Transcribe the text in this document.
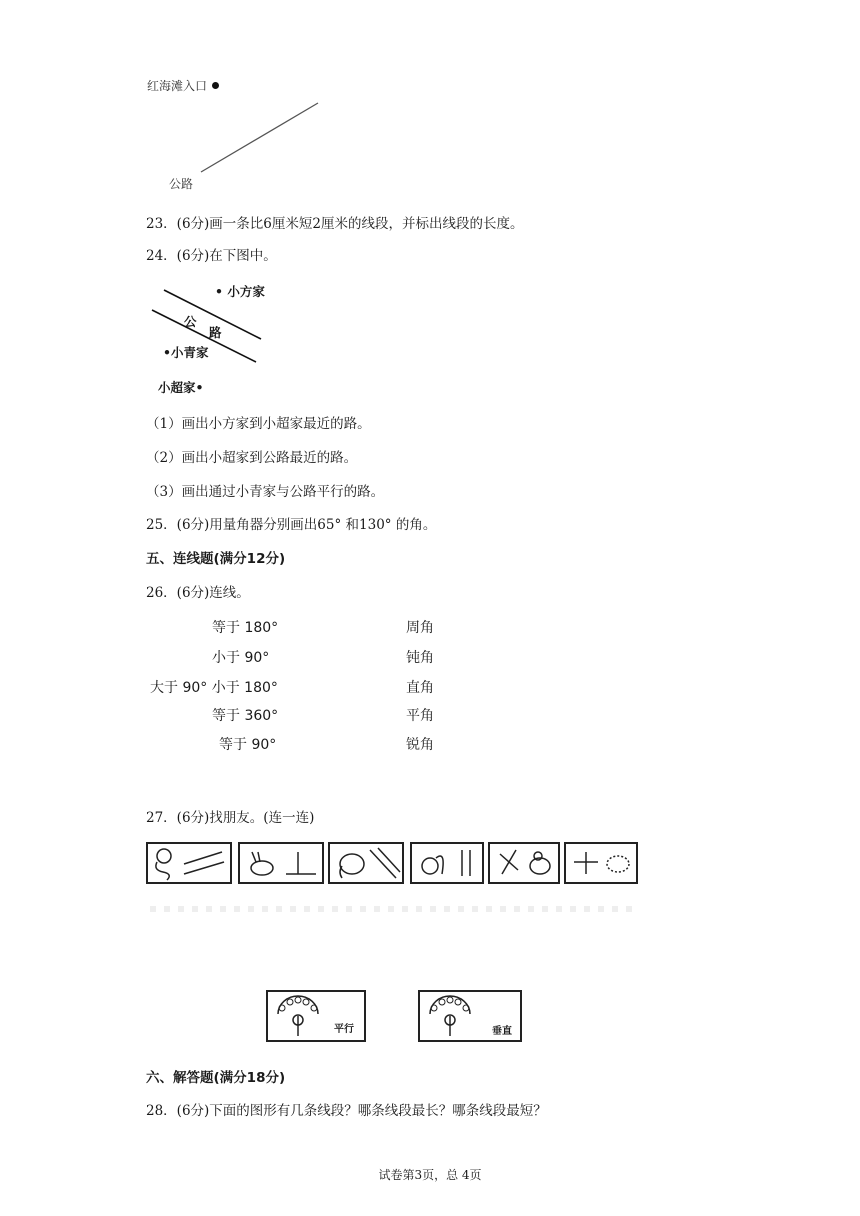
红海滩入口
公路
23．(6分)画一条比6厘米短2厘米的线段，并标出线段的长度。
24．(6分)在下图中。
• 小方家
公
路
•小青家
小超家•
（1）画出小方家到小超家最近的路。
（2）画出小超家到公路最近的路。
（3）画出通过小青家与公路平行的路。
25．(6分)用量角器分别画出65° 和130° 的角。
五、连线题(满分12分)
26．(6分)连线。
等于 180°
小于 90°
大于 90° 小于 180°
等于 360°
等于 90°
周角
钝角
直角
平角
锐角
27．(6分)找朋友。(连一连)
平行	垂直
六、解答题(满分18分)
28．(6分)下面的图形有几条线段？哪条线段最长？哪条线段最短？
试卷第3页，总 4页
